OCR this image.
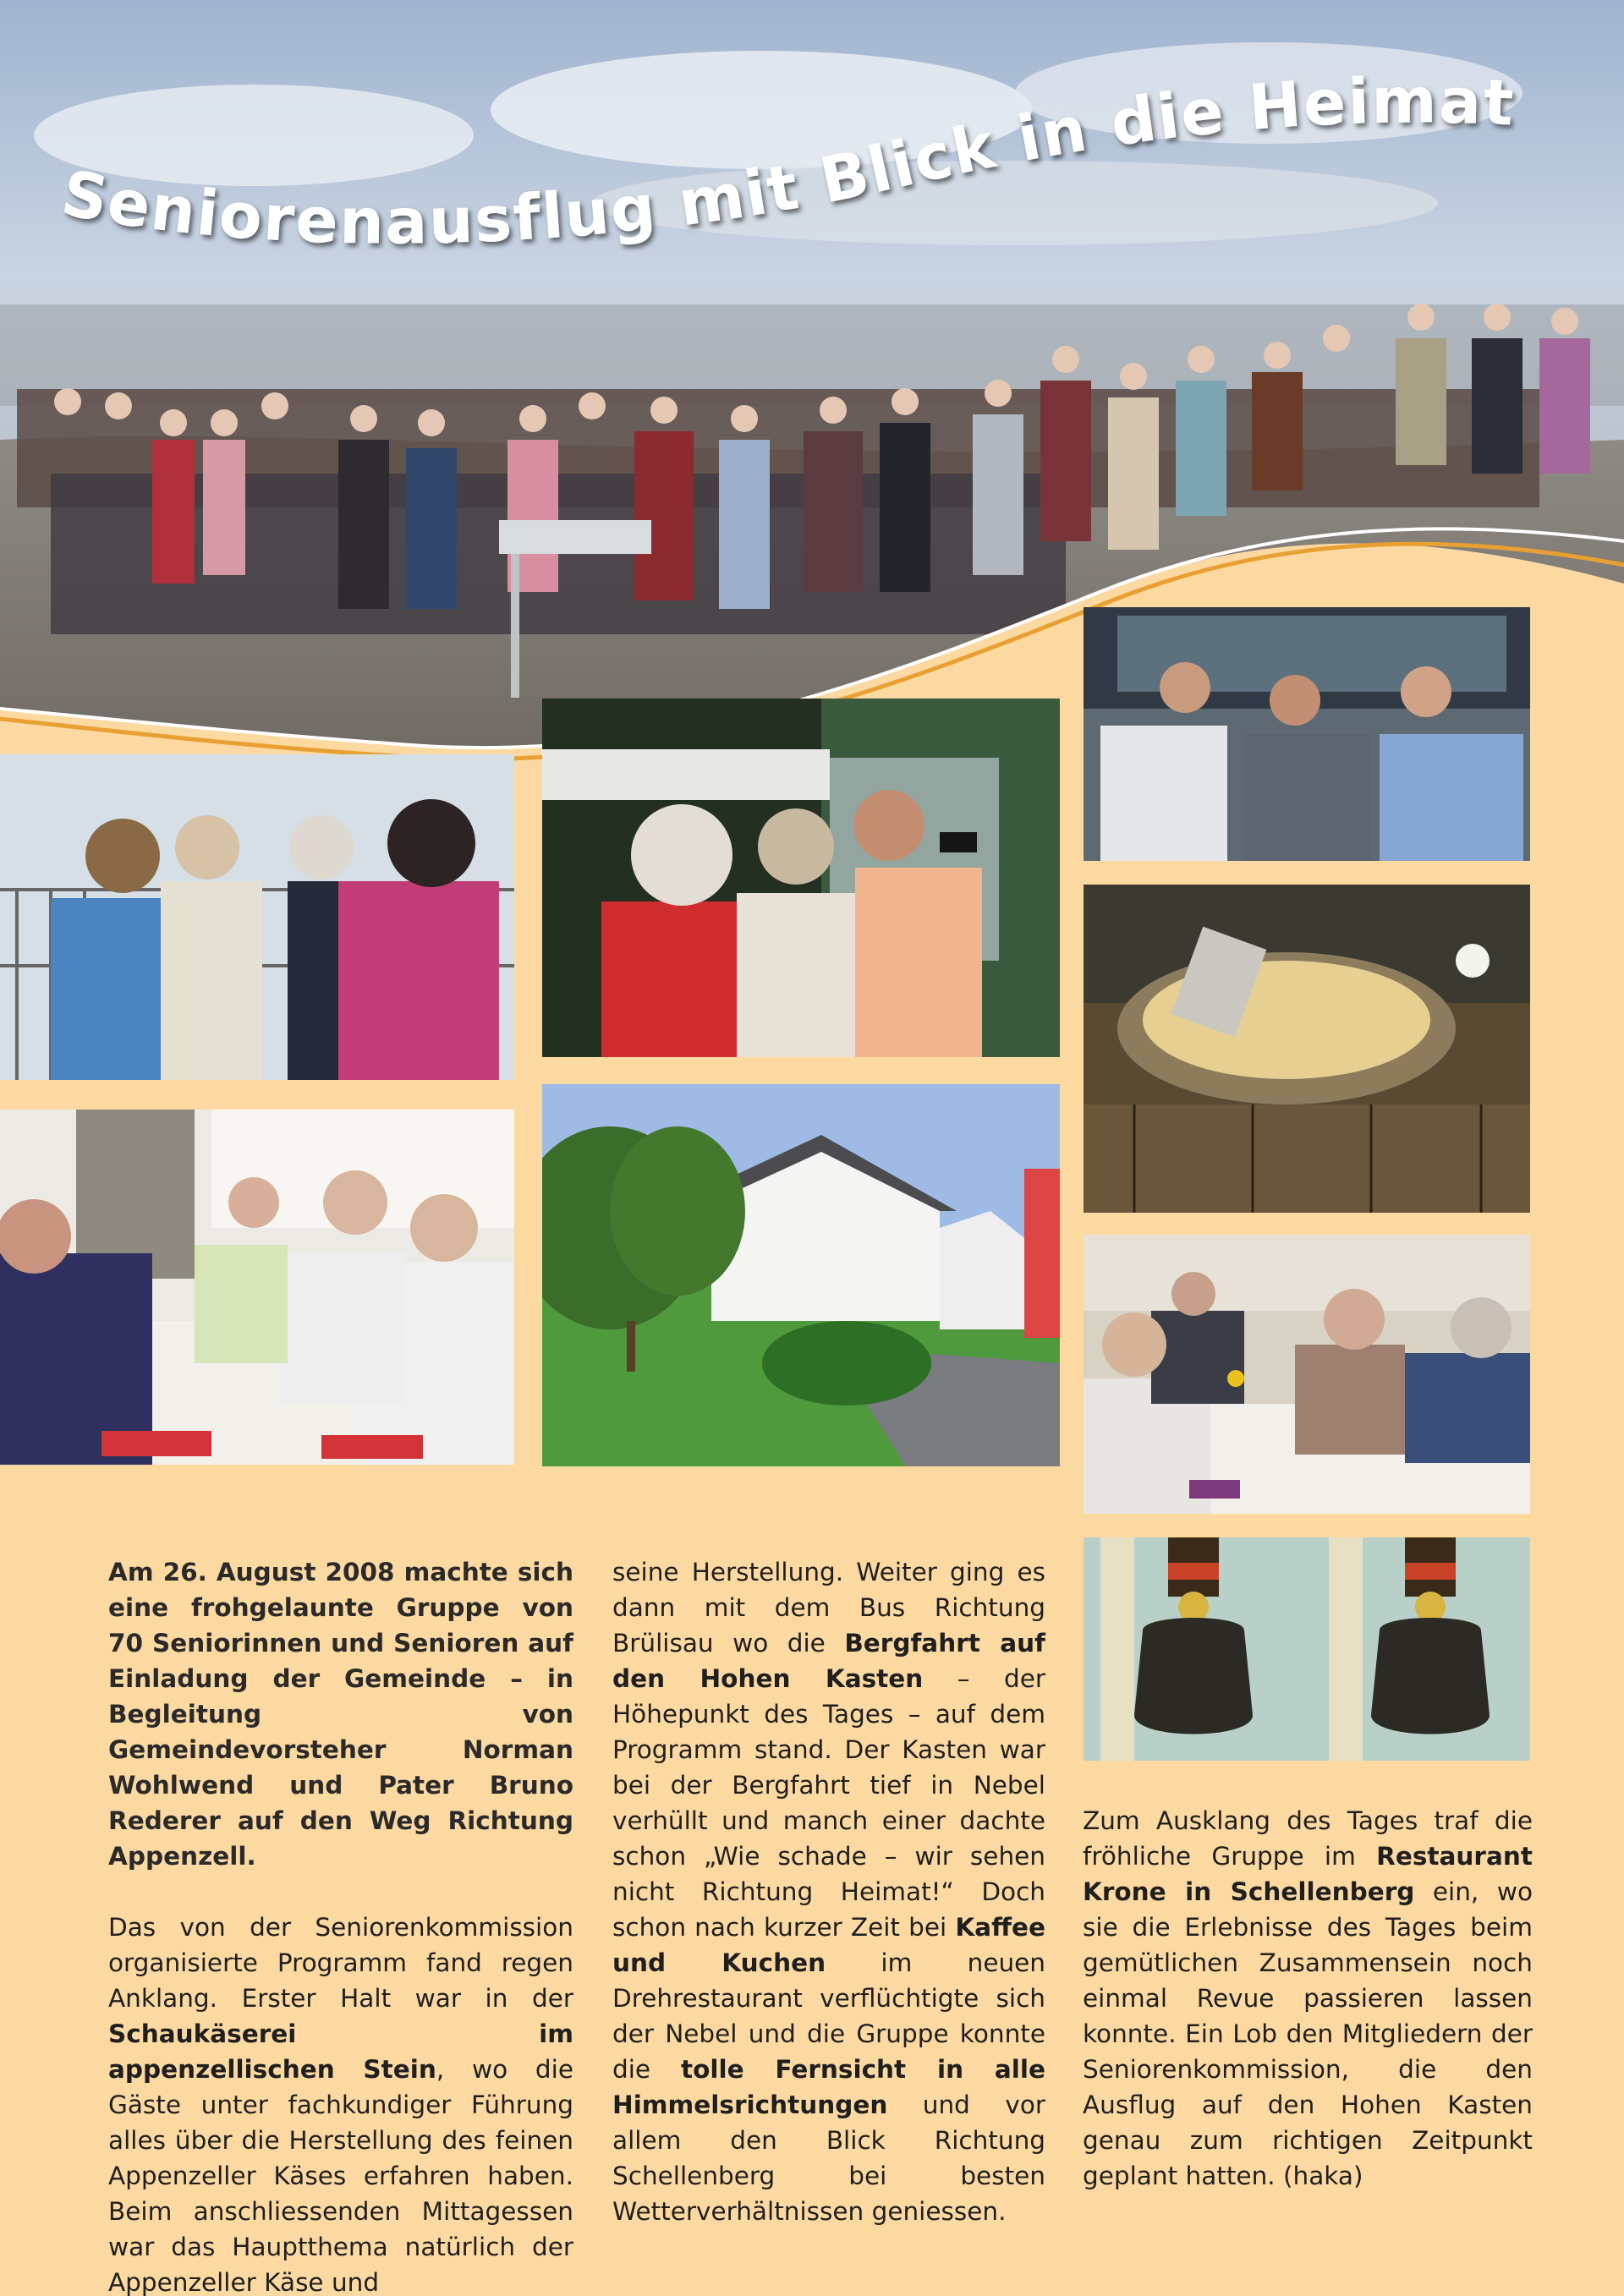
Seniorenausflug mit Blick in die Heimat

Am 26. August 2008 machte sich eine frohgelaunte Gruppe von 70 Seniorinnen und Senioren auf Einladung der Gemeinde – in Begleitung von Gemeindevorsteher Norman Wohlwend und Pater Bruno Rederer auf den Weg Richtung Appenzell.

Das von der Seniorenkommission organisierte Programm fand regen Anklang. Erster Halt war in der Schaukäserei im appenzellischen Stein, wo die Gäste unter fachkundiger Führung alles über die Herstellung des feinen Appenzeller Käses erfahren haben. Beim anschliessenden Mittagessen war das Hauptthema natürlich der Appenzeller Käse und

seine Herstellung. Weiter ging es dann mit dem Bus Richtung Brülisau wo die Bergfahrt auf den Hohen Kasten – der Höhepunkt des Tages – auf dem Programm stand. Der Kasten war bei der Bergfahrt tief in Nebel verhüllt und manch einer dachte schon „Wie schade – wir sehen nicht Richtung Heimat!“ Doch schon nach kurzer Zeit bei Kaffee und Kuchen im neuen Drehrestaurant verflüchtigte sich der Nebel und die Gruppe konnte die tolle Fernsicht in alle Himmelsrichtungen und vor allem den Blick Richtung Schellenberg bei besten Wetterverhältnissen geniessen.

Zum Ausklang des Tages traf die fröhliche Gruppe im Restaurant Krone in Schellenberg ein, wo sie die Erlebnisse des Tages beim gemütlichen Zusammensein noch einmal Revue passieren lassen konnte. Ein Lob den Mitgliedern der Seniorenkommission, die den Ausflug auf den Hohen Kasten genau zum richtigen Zeitpunkt geplant hatten. (haka)
